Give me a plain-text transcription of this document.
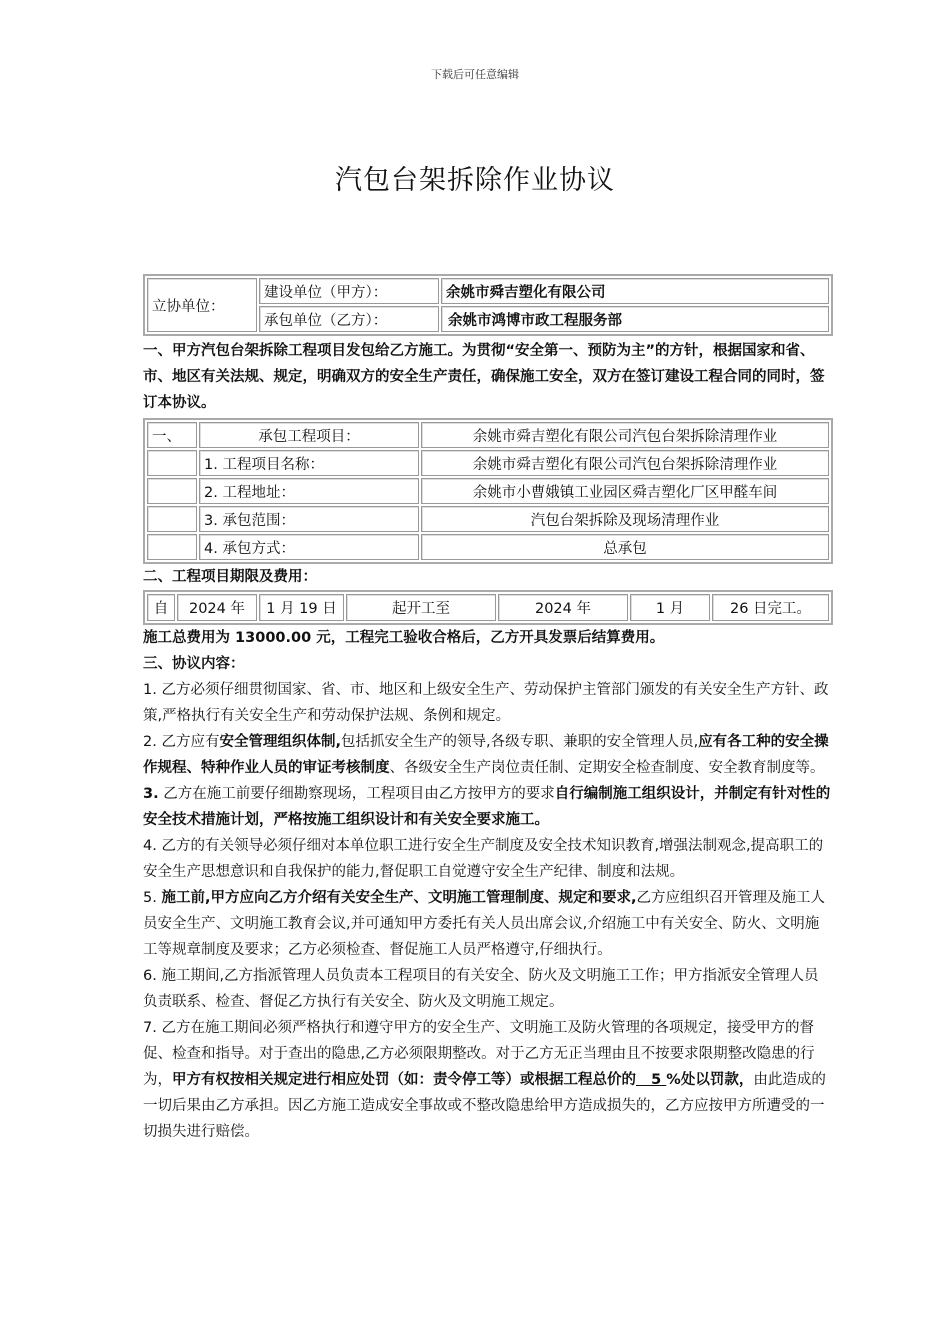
下载后可任意编辑
汽包台架拆除作业协议
立协单位：	建设单位（甲方）：	余姚市舜吉塑化有限公司
	承包单位（乙方）：	余姚市鸿博市政工程服务部

一、甲方汽包台架拆除工程项目发包给乙方施工。为贯彻“安全第一、预防为主”的方针，根据国家和省、市、地区有关法规、规定，明确双方的安全生产责任，确保施工安全，双方在签订建设工程合同的同时，签订本协议。

一、	承包工程项目：	余姚市舜吉塑化有限公司汽包台架拆除清理作业
	1. 工程项目名称：	余姚市舜吉塑化有限公司汽包台架拆除清理作业
	2. 工程地址：	余姚市小曹娥镇工业园区舜吉塑化厂区甲醛车间
	3. 承包范围：	汽包台架拆除及现场清理作业
	4. 承包方式：	总承包

二、工程项目期限及费用：

自	2024 年	1 月 19 日	起开工至	2024 年	1 月	26 日完工。

施工总费用为 13000.00 元，工程完工验收合格后，乙方开具发票后结算费用。

三、协议内容：

1. 乙方必须仔细贯彻国家、省、市、地区和上级安全生产、劳动保护主管部门颁发的有关安全生产方针、政策,严格执行有关安全生产和劳动保护法规、条例和规定。

2. 乙方应有安全管理组织体制,包括抓安全生产的领导,各级专职、兼职的安全管理人员,应有各工种的安全操作规程、特种作业人员的审证考核制度、各级安全生产岗位责任制、定期安全检查制度、安全教育制度等。

3. 乙方在施工前要仔细勘察现场，工程项目由乙方按甲方的要求自行编制施工组织设计，并制定有针对性的安全技术措施计划，严格按施工组织设计和有关安全要求施工。

4. 乙方的有关领导必须仔细对本单位职工进行安全生产制度及安全技术知识教育,增强法制观念,提高职工的安全生产思想意识和自我保护的能力,督促职工自觉遵守安全生产纪律、制度和法规。

5. 施工前,甲方应向乙方介绍有关安全生产、文明施工管理制度、规定和要求,乙方应组织召开管理及施工人员安全生产、文明施工教育会议,并可通知甲方委托有关人员出席会议,介绍施工中有关安全、防火、文明施工等规章制度及要求；乙方必须检查、督促施工人员严格遵守,仔细执行。

6. 施工期间,乙方指派管理人员负责本工程项目的有关安全、防火及文明施工工作；甲方指派安全管理人员负责联系、检查、督促乙方执行有关安全、防火及文明施工规定。

7. 乙方在施工期间必须严格执行和遵守甲方的安全生产、文明施工及防火管理的各项规定，接受甲方的督促、检查和指导。对于查出的隐患,乙方必须限期整改。对于乙方无正当理由且不按要求限期整改隐患的行为，甲方有权按相关规定进行相应处罚（如：责令停工等）或根据工程总价的   5 %处以罚款，由此造成的一切后果由乙方承担。因乙方施工造成安全事故或不整改隐患给甲方造成损失的，乙方应按甲方所遭受的一切损失进行赔偿。
